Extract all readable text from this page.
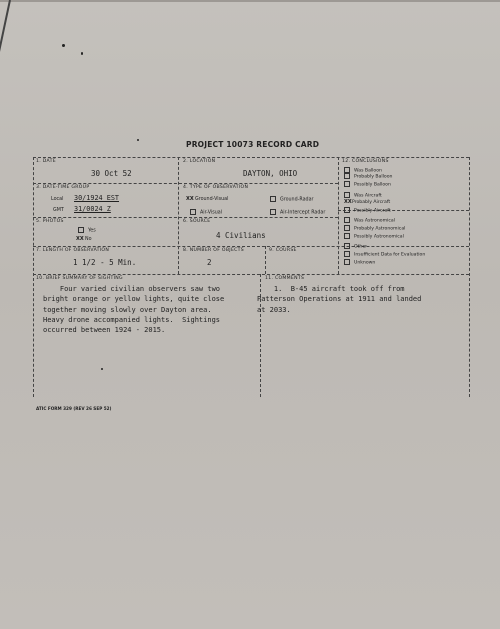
PROJECT 10073 RECORD CARD
1. DATE
30 Oct 52
2. LOCATION
DAYTON, OHIO
3. DATE-TIME GROUP
Local 30/1924 EST
GMT 31/0024 Z
4. TYPE OF OBSERVATION
XXGround-Visual	Ground-Radar
Air-Visual	Air-Intercept Radar
5. PHOTOS
Yes
XXNo
6. SOURCE
4 Civilians
7. LENGTH OF OBSERVATION
1 1/2 - 5 Min.
8. NUMBER OF OBJECTS
2
9. COURSE
12. CONCLUSIONS
Was Balloon
Probably Balloon
Possibly Balloon
Was Aircraft
XXProbably Aircraft
Possibly Aircraft
Was Astronomical
Probably Astronomical
Possibly Astronomical
Other
Insufficient Data for Evaluation
Unknown
10. BRIEF SUMMARY OF SIGHTING
Four varied civilian observers saw two
bright orange or yellow lights, quite close
together moving slowly over Dayton area.
Heavy drone accompanied lights.  Sightings
occurred between 1924 - 2015.
11. COMMENTS
1.  B-45 aircraft took off from
Patterson Operations at 1911 and landed
at 2033.
ATIC FORM 329 (REV 26 SEP 52)
